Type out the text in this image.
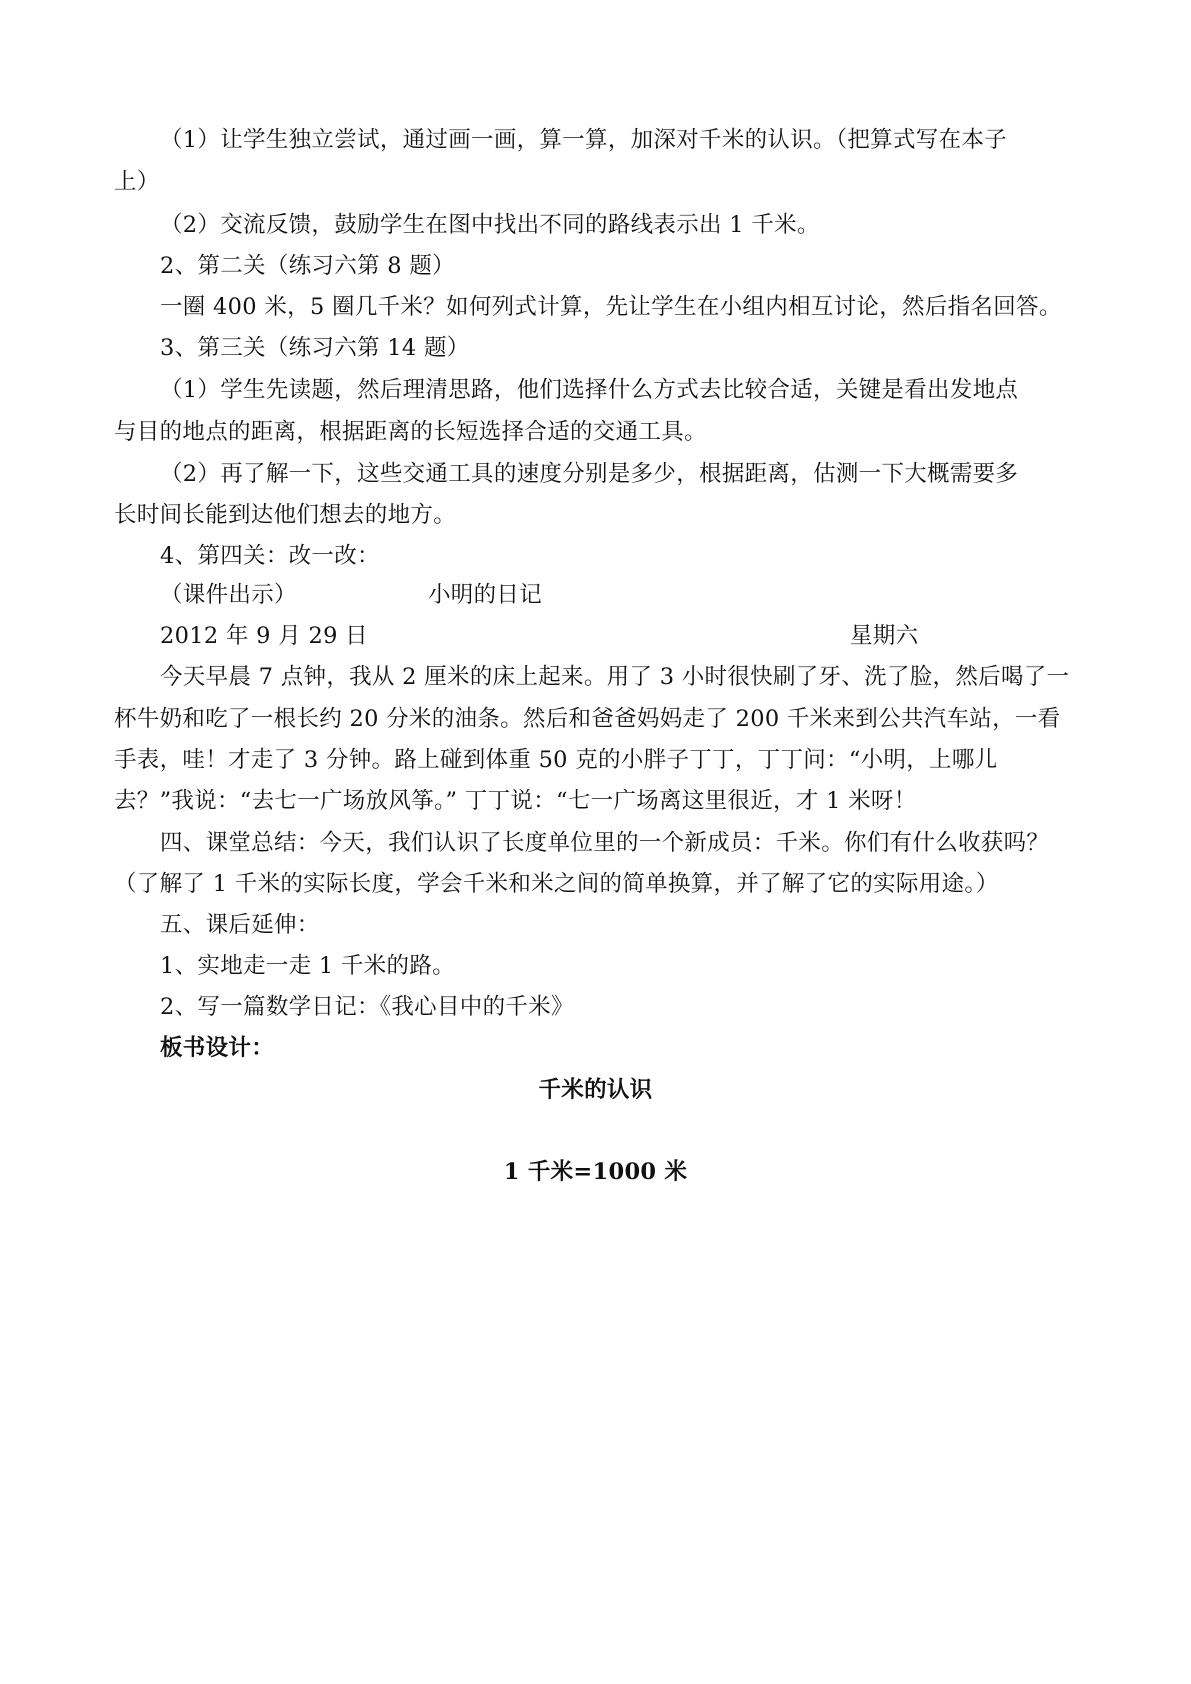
（1）让学生独立尝试，通过画一画，算一算，加深对千米的认识。（把算式写在本子
上）
（2）交流反馈，鼓励学生在图中找出不同的路线表示出 1 千米。
2、第二关（练习六第 8 题）
一圈 400 米，5 圈几千米？如何列式计算，先让学生在小组内相互讨论，然后指名回答。
3、第三关（练习六第 14 题）
（1）学生先读题，然后理清思路，他们选择什么方式去比较合适，关键是看出发地点
与目的地点的距离，根据距离的长短选择合适的交通工具。
（2）再了解一下，这些交通工具的速度分别是多少，根据距离，估测一下大概需要多
长时间长能到达他们想去的地方。
4、第四关：改一改：
（课件出示）	小明的日记
2012 年 9 月 29 日	星期六
今天早晨 7 点钟，我从 2 厘米的床上起来。用了 3 小时很快刷了牙、洗了脸，然后喝了一
杯牛奶和吃了一根长约 20 分米的油条。然后和爸爸妈妈走了 200 千米来到公共汽车站，一看
手表，哇！才走了 3 分钟。路上碰到体重 50 克的小胖子丁丁，丁丁问：“小明，上哪儿
去？”我说：“去七一广场放风筝。” 丁丁说：“七一广场离这里很近，才 1 米呀！
四、课堂总结：今天，我们认识了长度单位里的一个新成员：千米。你们有什么收获吗？
（了解了 1 千米的实际长度，学会千米和米之间的简单换算，并了解了它的实际用途。）
五、课后延伸：
1、实地走一走 1 千米的路。
2、写一篇数学日记：《我心目中的千米》
板书设计：
千米的认识
1 千米=1000 米
